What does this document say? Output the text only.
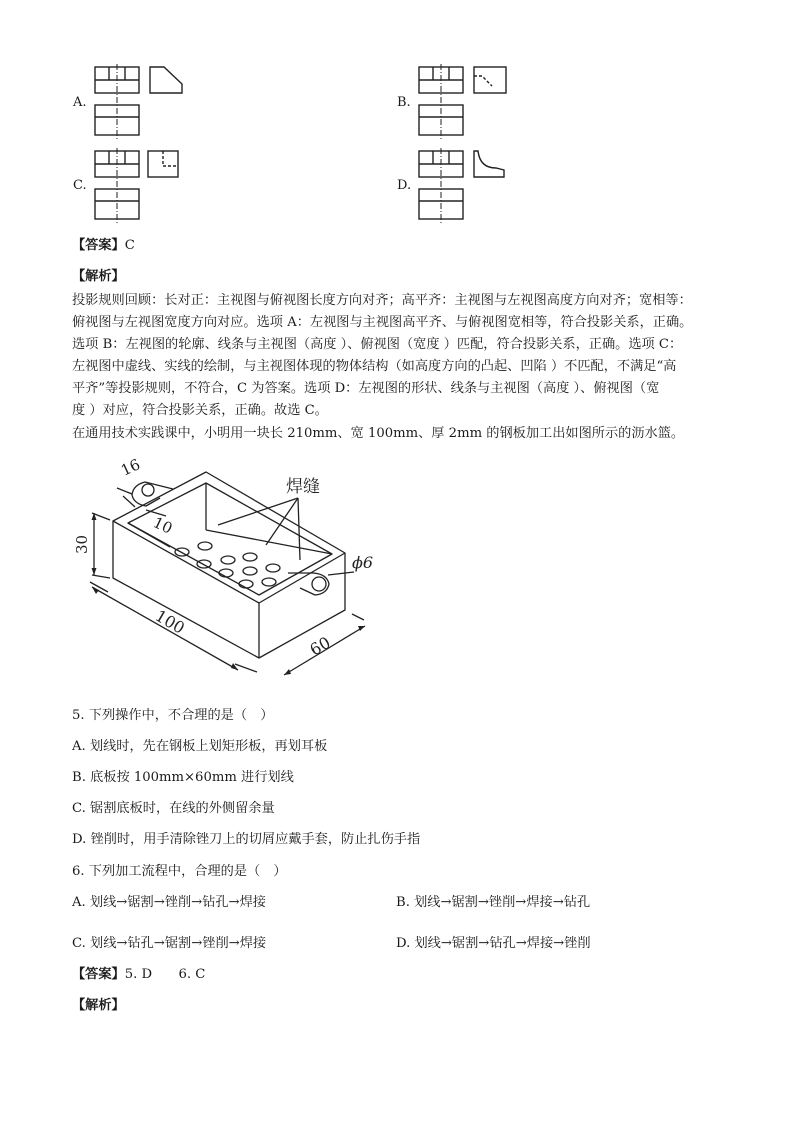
A.	B.
C.	D.
【答案】C
【解析】
投影规则回顾：长对正：主视图与俯视图长度方向对齐；高平齐：主视图与左视图高度方向对齐；宽相等：
俯视图与左视图宽度方向对应。选项 A：左视图与主视图高平齐、与俯视图宽相等，符合投影关系，正确。
选项 B：左视图的轮廓、线条与主视图（高度 ）、俯视图（宽度 ）匹配，符合投影关系，正确。选项 C：
左视图中虚线、实线的绘制，与主视图体现的物体结构（如高度方向的凸起、凹陷 ）不匹配，不满足“高
平齐”等投影规则，不符合，C 为答案。选项 D：左视图的形状、线条与主视图（高度 ）、俯视图（宽
度 ）对应，符合投影关系，正确。故选 C。
在通用技术实践课中，小明用一块长 210mm、宽 100mm、厚 2mm 的钢板加工出如图所示的沥水篮。
焊缝
16
10
30
100
60
ϕ6
5. 下列操作中，不合理的是（　）
A. 划线时，先在钢板上划矩形板，再划耳板
B. 底板按 100mm×60mm 进行划线
C. 锯割底板时，在线的外侧留余量
D. 锉削时，用手清除锉刀上的切屑应戴手套，防止扎伤手指
6. 下列加工流程中，合理的是（　）
A. 划线→锯割→锉削→钻孔→焊接	B. 划线→锯割→锉削→焊接→钻孔
C. 划线→钻孔→锯割→锉削→焊接	D. 划线→锯割→钻孔→焊接→锉削
【答案】5. D　　6. C
【解析】
